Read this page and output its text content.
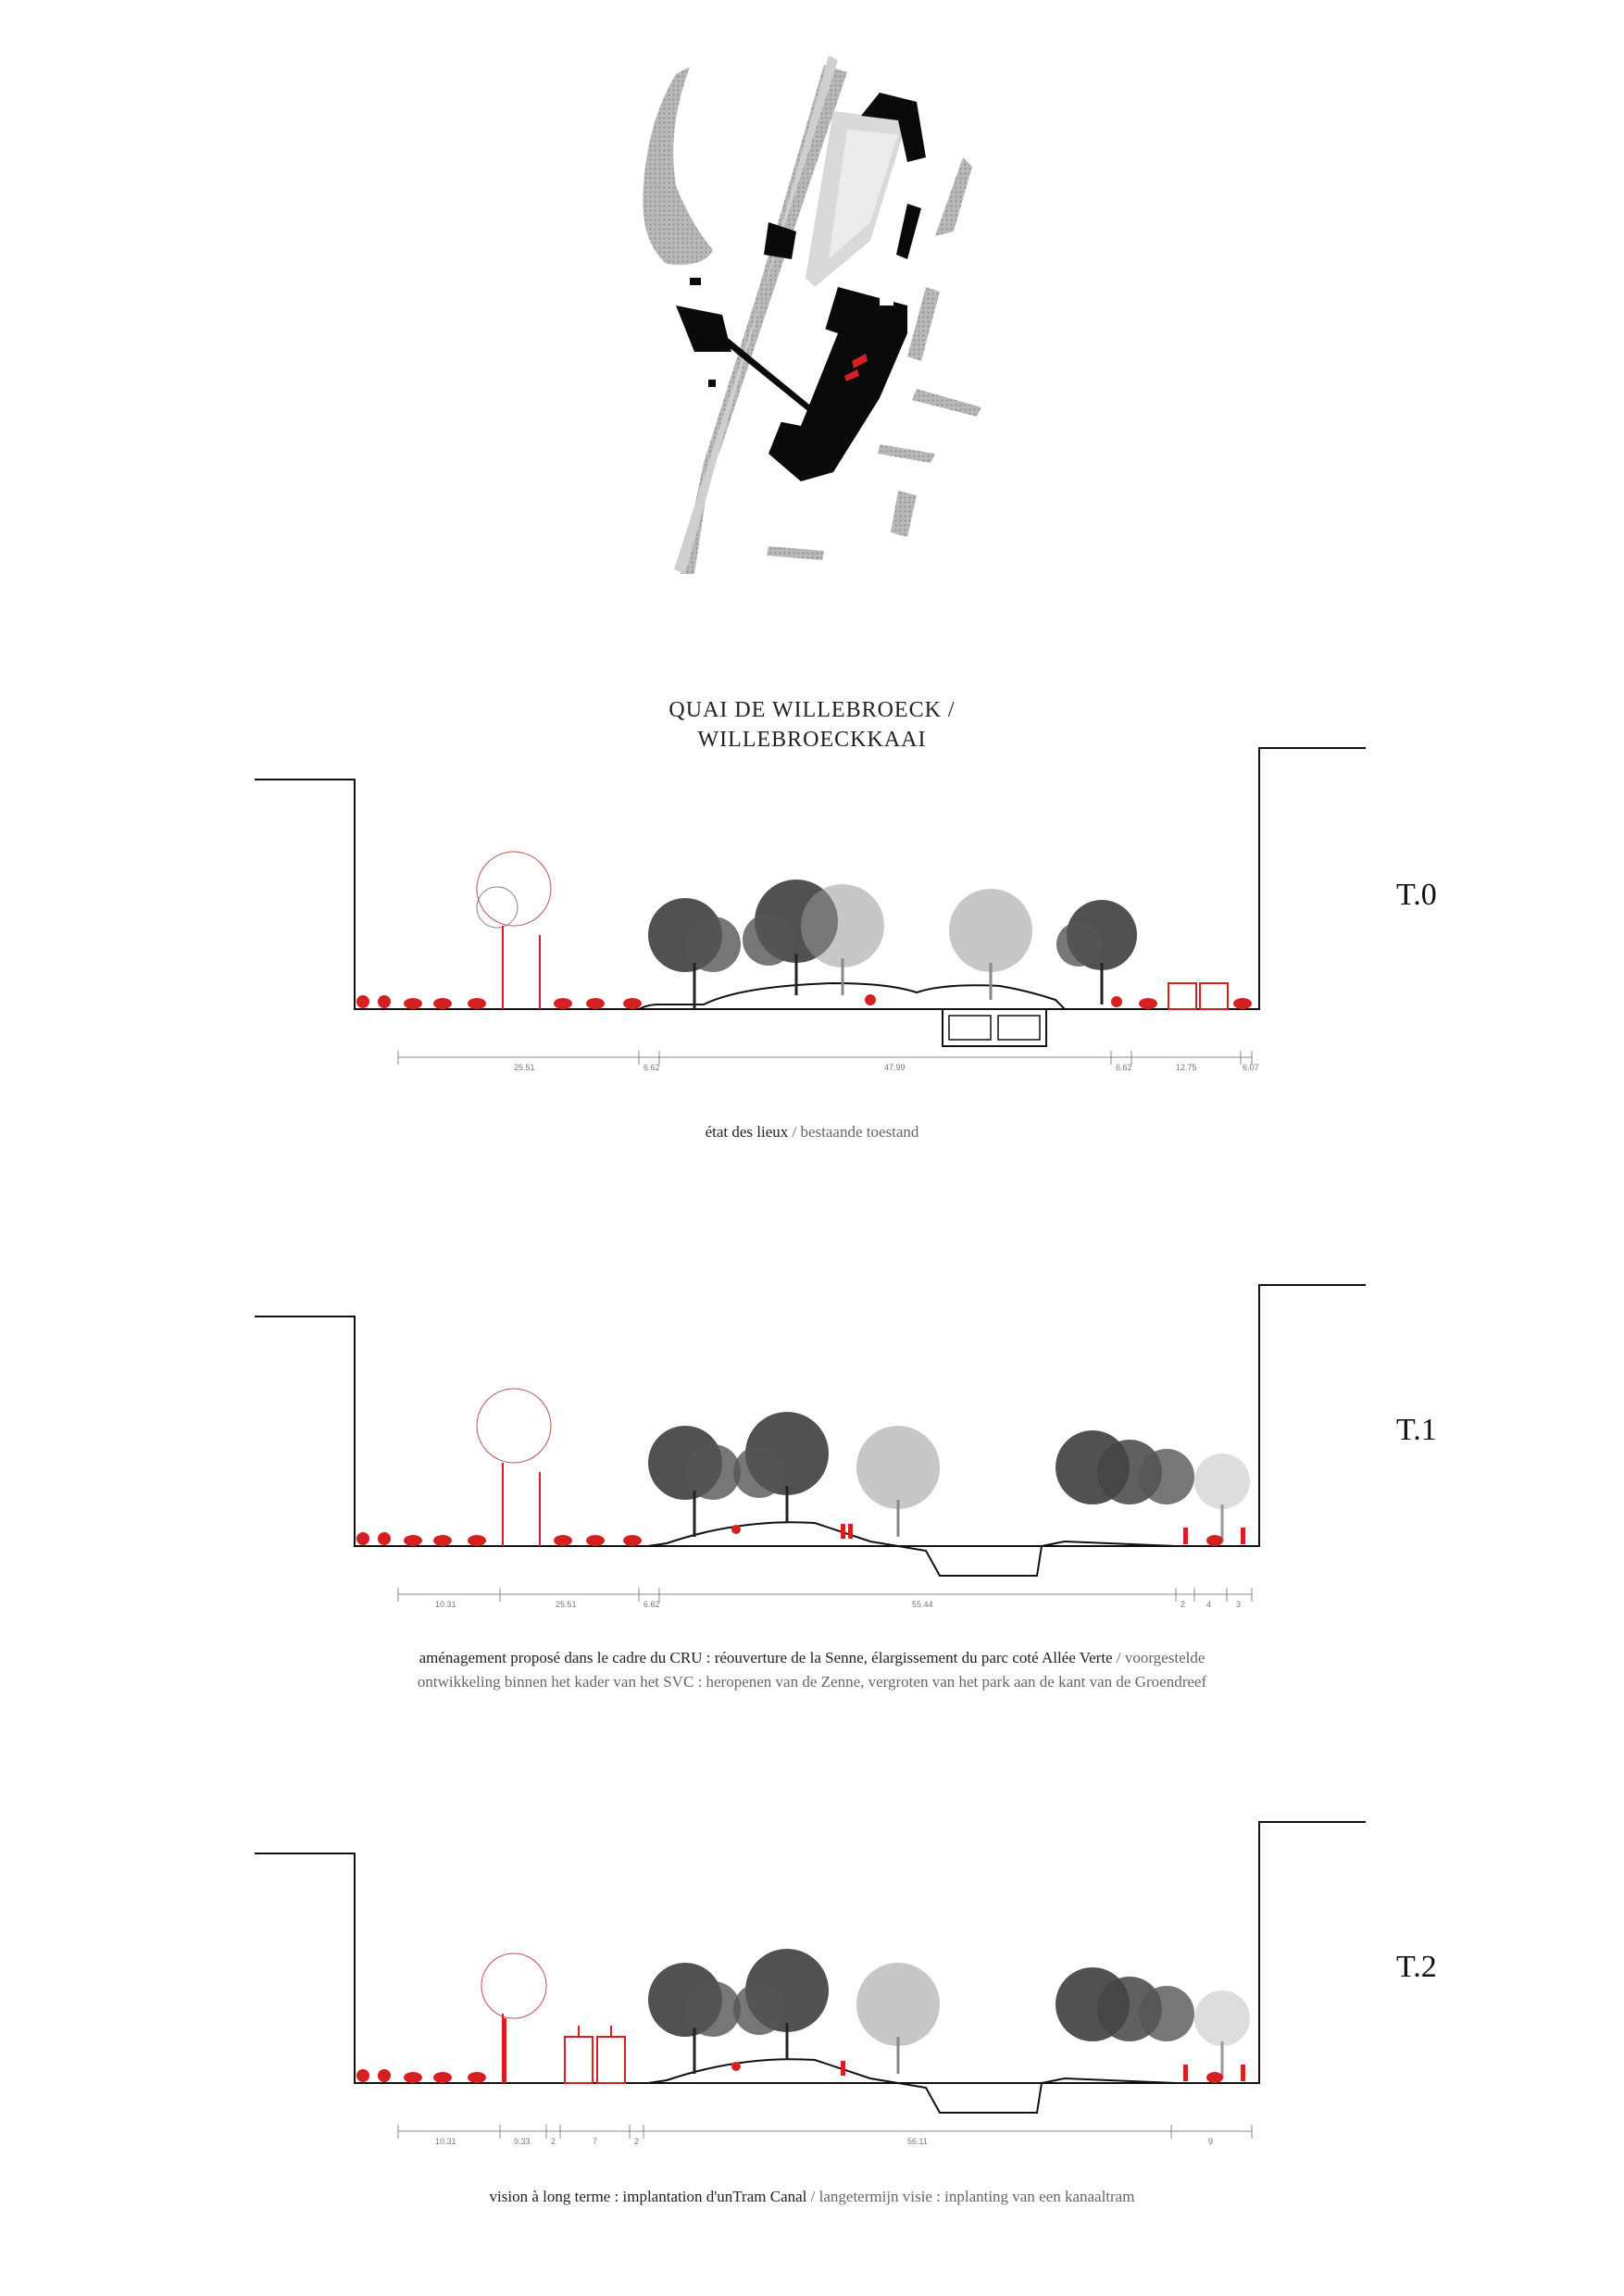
QUAI DE WILLEBROECK /
WILLEBROECKKAAI
25.51	6.62	47.99	6.62	12.75	6.07
T.0
état des lieux / bestaande toestand
10.31	25.51	6.62	55.44	2	4	3
T.1
aménagement proposé dans le cadre du CRU : réouverture de la Senne, élargissement du parc coté Allée Verte / voorgestelde
ontwikkeling binnen het kader van het SVC : heropenen van de Zenne, vergroten van het park aan de kant van de Groendreef
10.31	9.33 2	7	2	56.11	9
T.2
vision à long terme : implantation d'unTram Canal / langetermijn visie : inplanting van een kanaaltram
